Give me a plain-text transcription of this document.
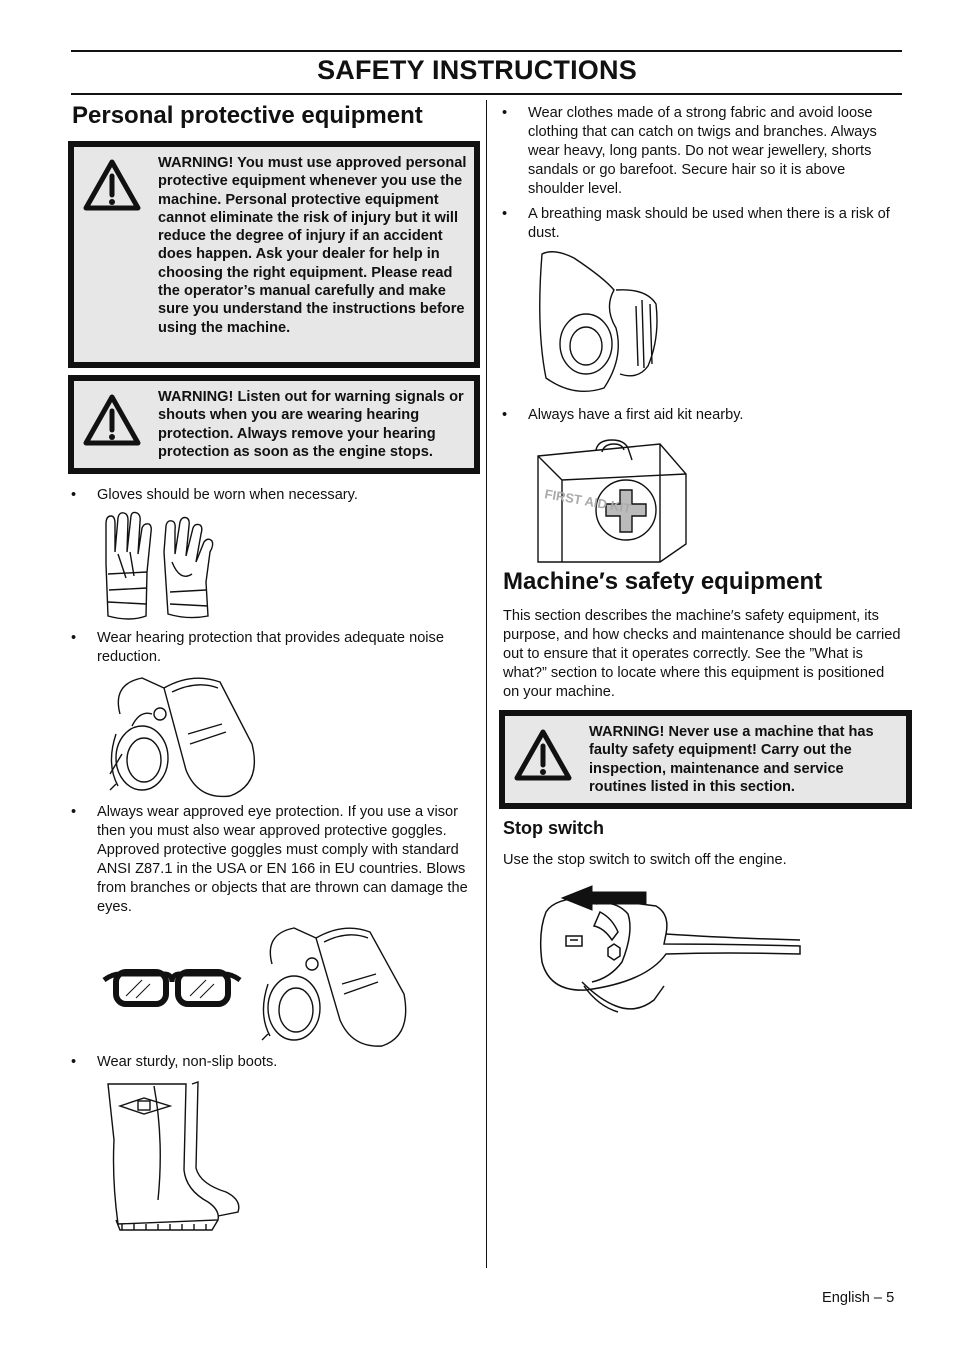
SAFETY INSTRUCTIONS
Personal protective equipment
WARNING! You must use approved personal protective equipment whenever you use the machine. Personal protective equipment cannot eliminate the risk of injury but it will reduce the degree of injury if an accident does happen. Ask your dealer for help in choosing the right equipment. Please read the operator’s manual carefully and make sure you understand the instructions before using the machine.
WARNING! Listen out for warning signals or shouts when you are wearing hearing protection. Always remove your hearing protection as soon as the engine stops.
• Gloves should be worn when necessary.
• Wear hearing protection that provides adequate noise reduction.
• Always wear approved eye protection. If you use a visor then you must also wear approved protective goggles. Approved protective goggles must comply with standard ANSI Z87.1 in the USA or EN 166 in EU countries. Blows from branches or objects that are thrown can damage the eyes.
• Wear sturdy, non-slip boots.
• Wear clothes made of a strong fabric and avoid loose clothing that can catch on twigs and branches. Always wear heavy, long pants. Do not wear jewellery, shorts sandals or go barefoot. Secure hair so it is above shoulder level.
• A breathing mask should be used when there is a risk of dust.
• Always have a first aid kit nearby.
FIRST AID KIT
Machine′s safety equipment
This section describes the machine′s safety equipment, its purpose, and how checks and maintenance should be carried out to ensure that it operates correctly. See the ”What is what?” section to locate where this equipment is positioned on your machine.
WARNING! Never use a machine that has faulty safety equipment! Carry out the inspection, maintenance and service routines listed in this section.
Stop switch
Use the stop switch to switch off the engine.
English – 5
